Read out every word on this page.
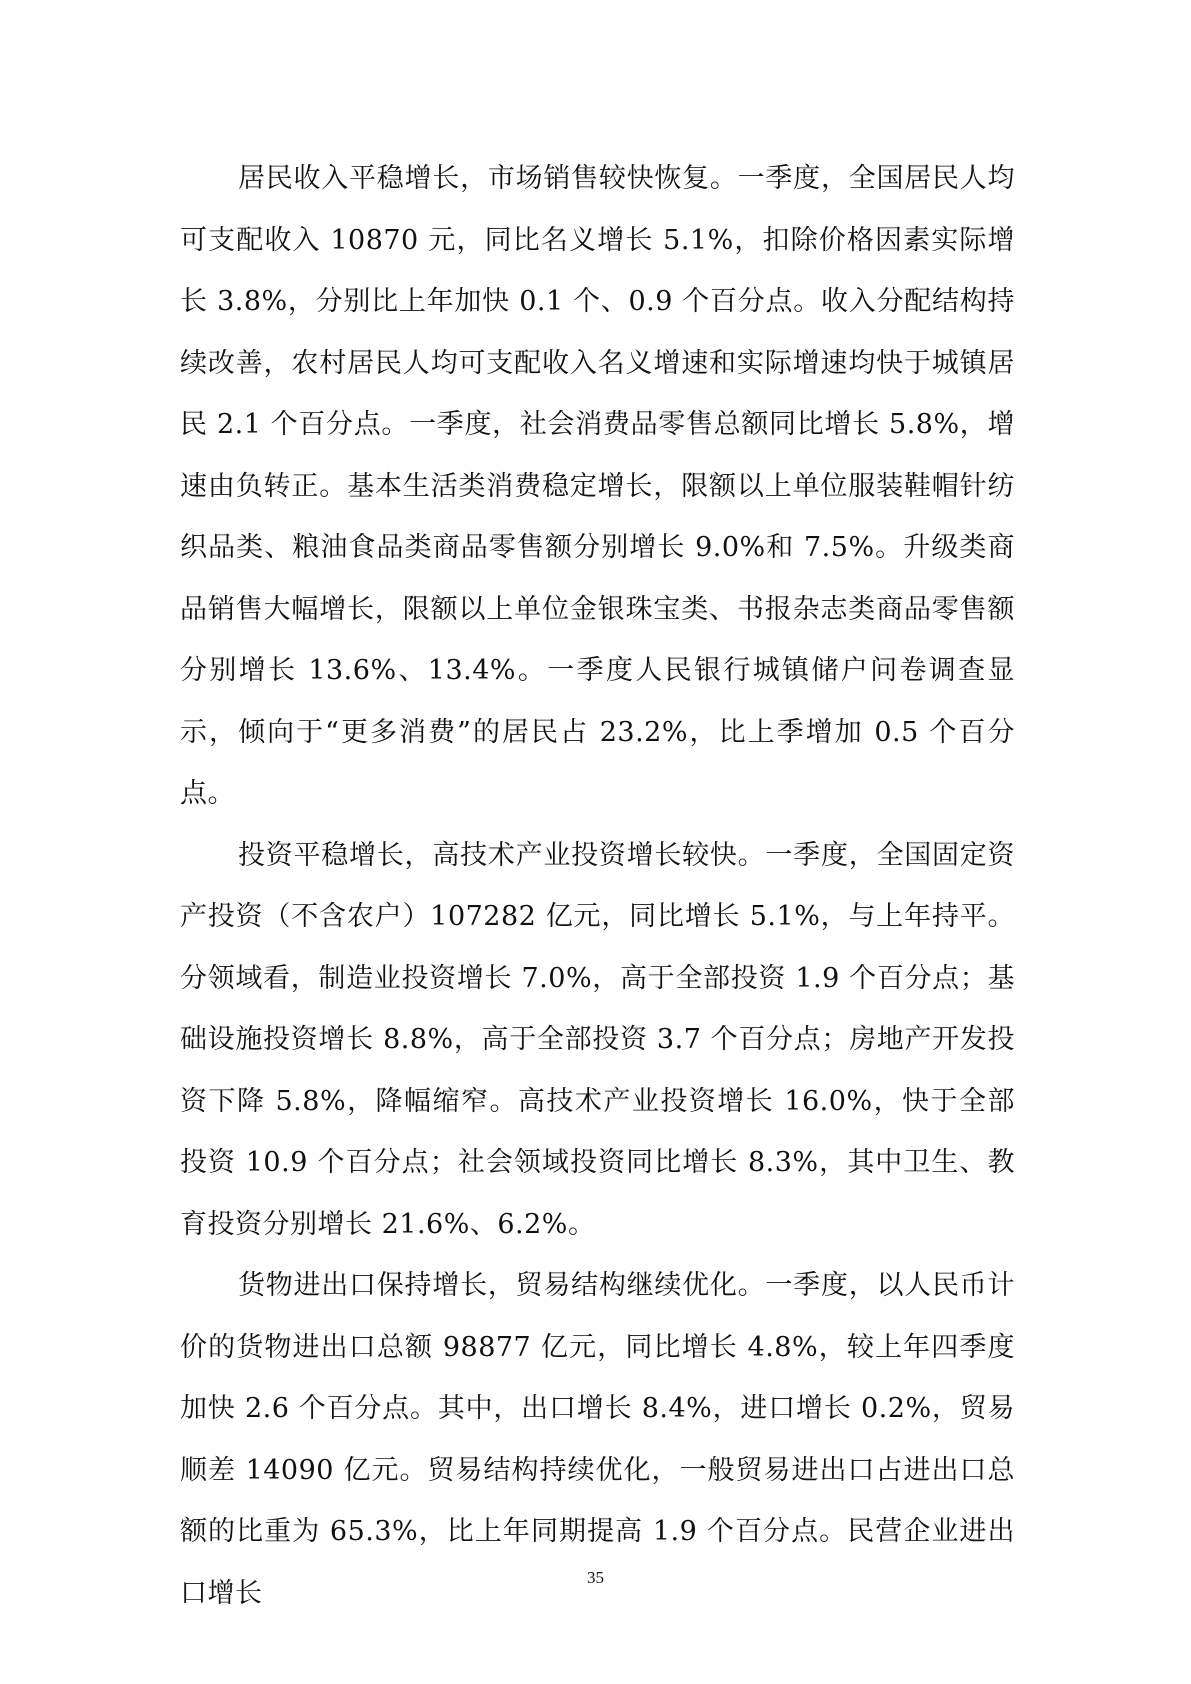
居民收入平稳增长，市场销售较快恢复。一季度，全国居民人均可支配收入 10870 元，同比名义增长 5.1%，扣除价格因素实际增长 3.8%，分别比上年加快 0.1 个、0.9 个百分点。收入分配结构持续改善，农村居民人均可支配收入名义增速和实际增速均快于城镇居民 2.1 个百分点。一季度，社会消费品零售总额同比增长 5.8%，增速由负转正。基本生活类消费稳定增长，限额以上单位服装鞋帽针纺织品类、粮油食品类商品零售额分别增长 9.0%和 7.5%。升级类商品销售大幅增长，限额以上单位金银珠宝类、书报杂志类商品零售额分别增长 13.6%、13.4%。一季度人民银行城镇储户问卷调查显示，倾向于“更多消费”的居民占 23.2%，比上季增加 0.5 个百分点。

投资平稳增长，高技术产业投资增长较快。一季度，全国固定资产投资（不含农户）107282 亿元，同比增长 5.1%，与上年持平。分领域看，制造业投资增长 7.0%，高于全部投资 1.9 个百分点；基础设施投资增长 8.8%，高于全部投资 3.7 个百分点；房地产开发投资下降 5.8%，降幅缩窄。高技术产业投资增长 16.0%，快于全部投资 10.9 个百分点；社会领域投资同比增长 8.3%，其中卫生、教育投资分别增长 21.6%、6.2%。

货物进出口保持增长，贸易结构继续优化。一季度，以人民币计价的货物进出口总额 98877 亿元，同比增长 4.8%，较上年四季度加快 2.6 个百分点。其中，出口增长 8.4%，进口增长 0.2%，贸易顺差 14090 亿元。贸易结构持续优化，一般贸易进出口占进出口总额的比重为 65.3%，比上年同期提高 1.9 个百分点。民营企业进出口增长	35
